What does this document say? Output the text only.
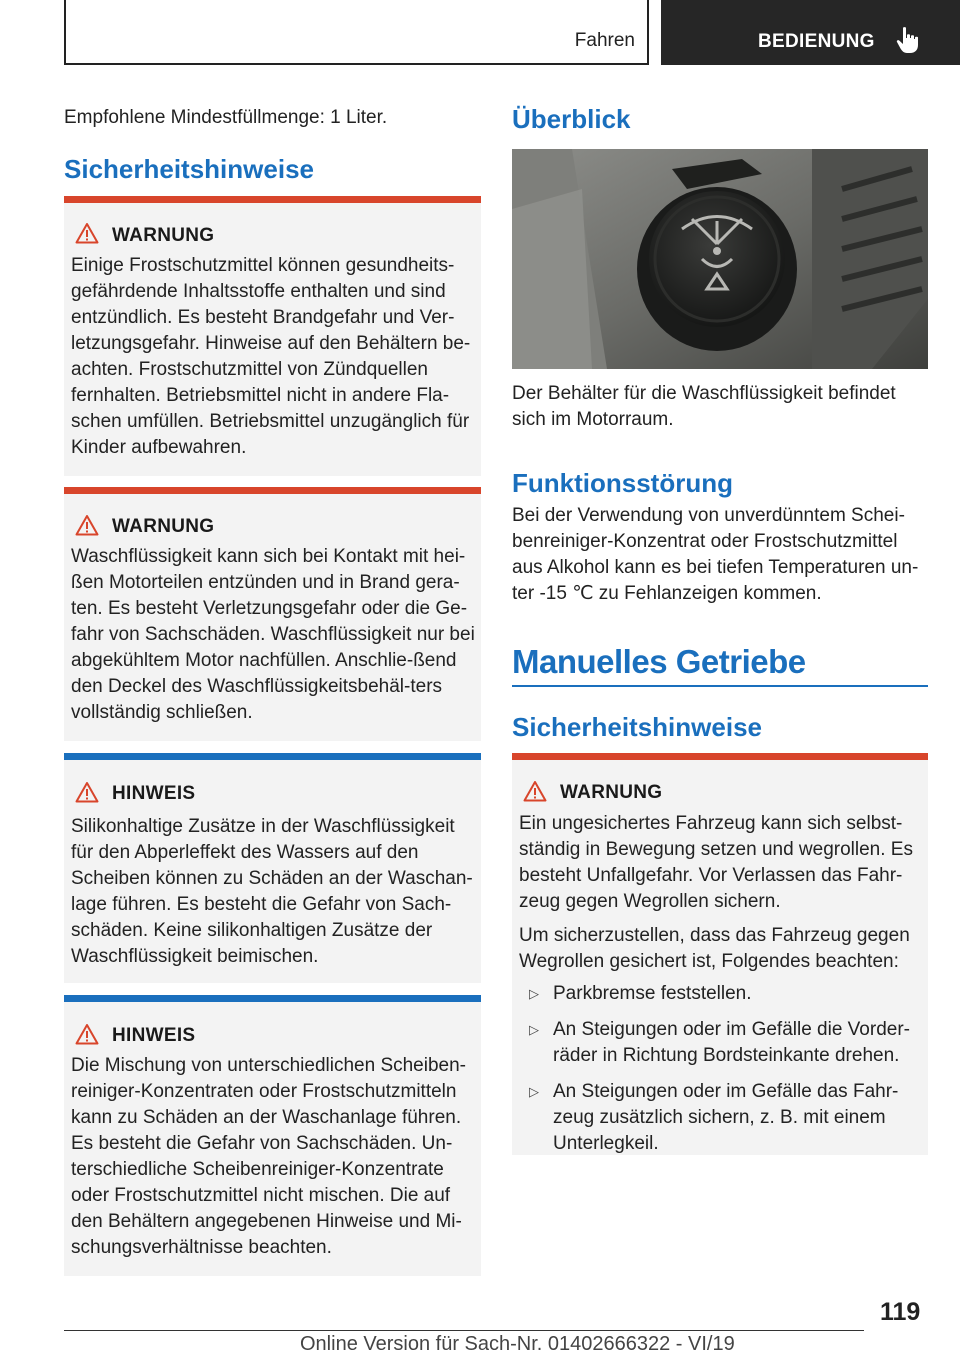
Fahren	BEDIENUNG
Empfohlene Mindestfüllmenge: 1 Liter.
Sicherheitshinweise
WARNUNG
Einige Frostschutzmittel können gesundheits-gefährdende Inhaltsstoffe enthalten und sind entzündlich. Es besteht Brandgefahr und Ver-letzungsgefahr. Hinweise auf den Behältern be-achten. Frostschutzmittel von Zündquellen fernhalten. Betriebsmittel nicht in andere Fla-schen umfüllen. Betriebsmittel unzugänglich für Kinder aufbewahren.
WARNUNG
Waschflüssigkeit kann sich bei Kontakt mit hei-ßen Motorteilen entzünden und in Brand gera-ten. Es besteht Verletzungsgefahr oder die Ge-fahr von Sachschäden. Waschflüssigkeit nur bei abgekühltem Motor nachfüllen. Anschlie-ßend den Deckel des Waschflüssigkeitsbehäl-ters vollständig schließen.
HINWEIS
Silikonhaltige Zusätze in der Waschflüssigkeit für den Abperleffekt des Wassers auf den Scheiben können zu Schäden an der Waschan-lage führen. Es besteht die Gefahr von Sach-schäden. Keine silikonhaltigen Zusätze der Waschflüssigkeit beimischen.
HINWEIS
Die Mischung von unterschiedlichen Scheiben-reiniger-Konzentraten oder Frostschutzmitteln kann zu Schäden an der Waschanlage führen. Es besteht die Gefahr von Sachschäden. Un-terschiedliche Scheibenreiniger-Konzentrate oder Frostschutzmittel nicht mischen. Die auf den Behältern angegebenen Hinweise und Mi-schungsverhältnisse beachten.
Überblick
Der Behälter für die Waschflüssigkeit befindet sich im Motorraum.
Funktionsstörung
Bei der Verwendung von unverdünntem Schei-benreiniger-Konzentrat oder Frostschutzmittel aus Alkohol kann es bei tiefen Temperaturen un-ter -15 ℃ zu Fehlanzeigen kommen.
Manuelles Getriebe
Sicherheitshinweise
WARNUNG

Ein ungesichertes Fahrzeug kann sich selbst-ständig in Bewegung setzen und wegrollen. Es besteht Unfallgefahr. Vor Verlassen das Fahr-zeug gegen Wegrollen sichern.

Um sicherzustellen, dass das Fahrzeug gegen Wegrollen gesichert ist, Folgendes beachten:

▷ Parkbremse feststellen.
▷ An Steigungen oder im Gefälle die Vorder-räder in Richtung Bordsteinkante drehen.
▷ An Steigungen oder im Gefälle das Fahr-zeug zusätzlich sichern, z. B. mit einem Unterlegkeil.
119
Online Version für Sach-Nr. 01402666322 - VI/19
